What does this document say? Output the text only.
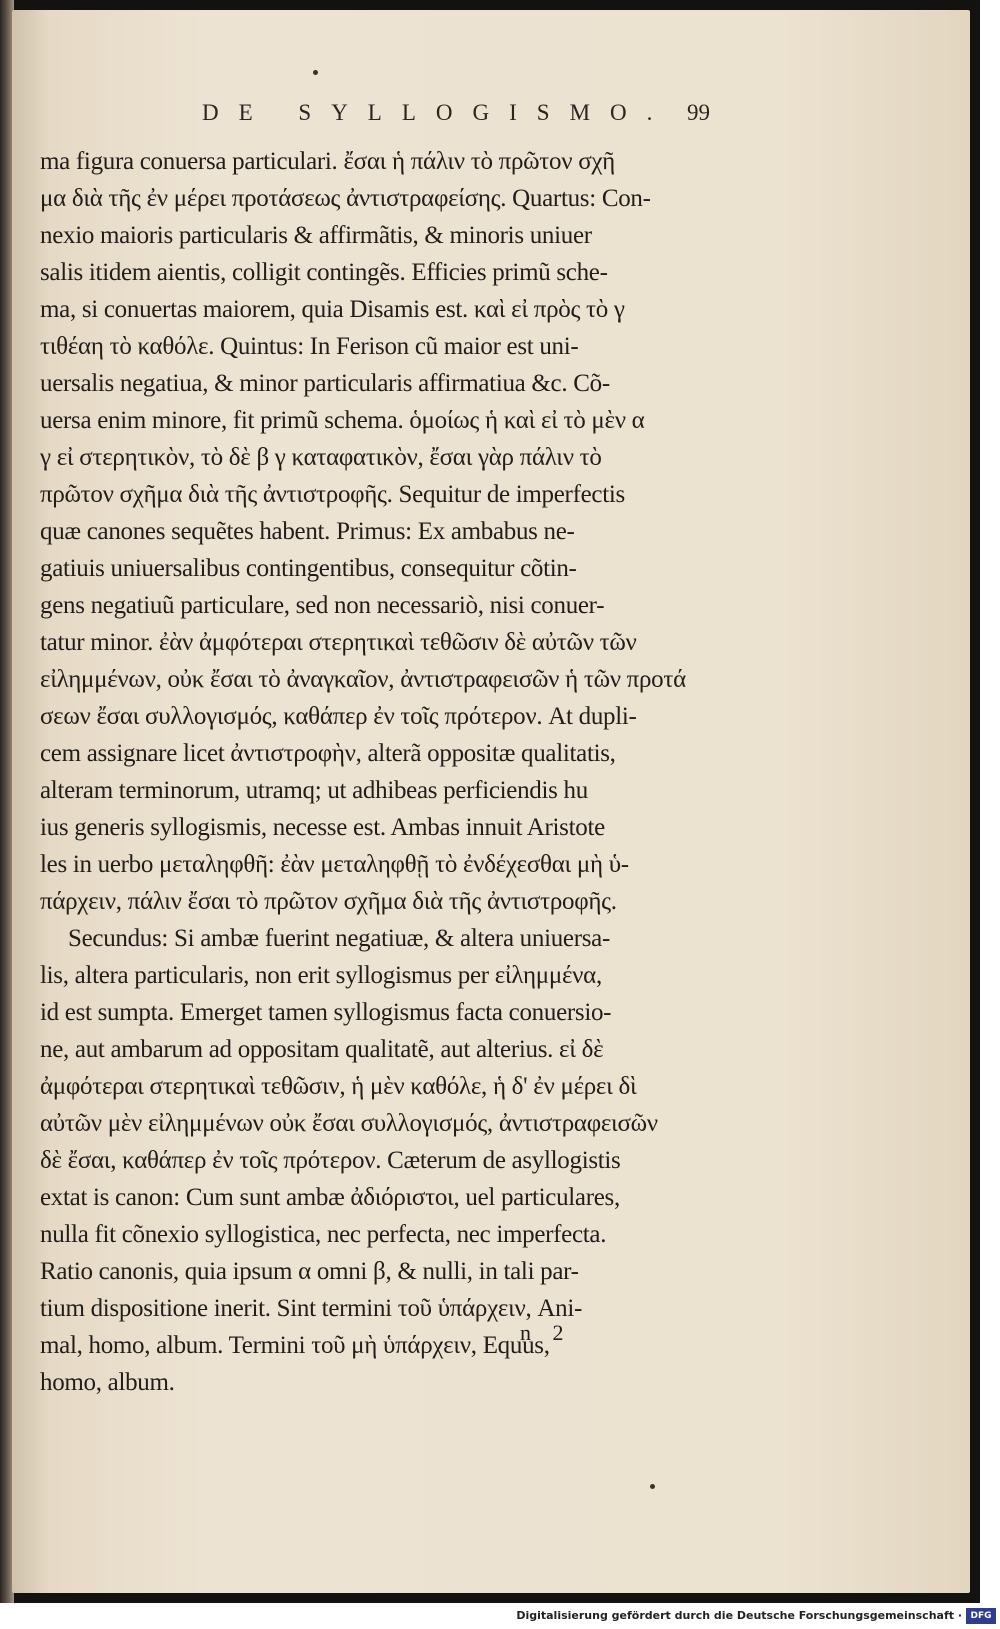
DE SYLLOGISMO. 99
ma figura conuersa particulari. ἔσαι ἡ πάλιν τὸ πρῶτον σχῆ
μα διὰ τῆς ἐν μέρει προτάσεως ἀντιστραφείσης. Quartus: Con-
nexio maioris particularis & affirmãtis, & minoris uniuer
salis itidem aientis, colligit contingẽs. Efficies primũ sche-
ma, si conuertas maiorem, quia Disamis est. καὶ εἰ πρὸς τὸ γ
τιθέαη τὸ καθόλε. Quintus: In Ferison cũ maior est uni-
uersalis negatiua, & minor particularis affirmatiua &c. Cõ-
uersa enim minore, fit primũ schema. ὁμοίως ἡ καὶ εἰ τὸ μὲν α
γ εἰ στερητικὸν, τὸ δὲ β γ καταφατικὸν, ἔσαι γὰρ πάλιν τὸ
πρῶτον σχῆμα διὰ τῆς ἀντιστροφῆς. Sequitur de imperfectis
quæ canones sequẽtes habent. Primus: Ex ambabus ne-
gatiuis uniuersalibus contingentibus, consequitur cõtin-
gens negatiuũ particulare, sed non necessariò, nisi conuer-
tatur minor. ἐὰν ἀμφότεραι στερητικαὶ τεθῶσιν δὲ αὐτῶν τῶν
εἰλημμένων, οὐκ ἔσαι τὸ ἀναγκαῖον, ἀντιστραφεισῶν ἡ τῶν προτά
σεων ἔσαι συλλογισμός, καθάπερ ἐν τοῖς πρότερον. At dupli-
cem assignare licet ἀντιστροφὴν, alterã oppositæ qualitatis,
alteram terminorum, utramq; ut adhibeas perficiendis hu
ius generis syllogismis, necesse est. Ambas innuit Aristote
les in uerbo μεταληφθῆ: ἐὰν μεταληφθῇ τὸ ἐνδέχεσθαι μὴ ὑ-
πάρχειν, πάλιν ἔσαι τὸ πρῶτον σχῆμα διὰ τῆς ἀντιστροφῆς.
Secundus: Si ambæ fuerint negatiuæ, & altera uniuersa-
lis, altera particularis, non erit syllogismus per εἰλημμένα,
id est sumpta. Emerget tamen syllogismus facta conuersio-
ne, aut ambarum ad oppositam qualitatẽ, aut alterius. εἰ δὲ
ἀμφότεραι στερητικαὶ τεθῶσιν, ἡ μὲν καθόλε, ἡ δ' ἐν μέρει δὶ
αὐτῶν μὲν εἰλημμένων οὐκ ἔσαι συλλογισμός, ἀντιστραφεισῶν
δὲ ἔσαι, καθάπερ ἐν τοῖς πρότερον. Cæterum de asyllogistis
extat is canon: Cum sunt ambæ ἀδιόριστοι, uel particulares,
nulla fit cõnexio syllogistica, nec perfecta, nec imperfecta.
Ratio canonis, quia ipsum α omni β, & nulli, in tali par-
tium dispositione inerit. Sint termini τοῦ ὑπάρχειν, Ani-
mal, homo, album. Termini τοῦ μὴ ὑπάρχειν, Equus,
homo, album.
n 2
Digitalisierung gefördert durch die Deutsche Forschungsgemeinschaft · DFG
